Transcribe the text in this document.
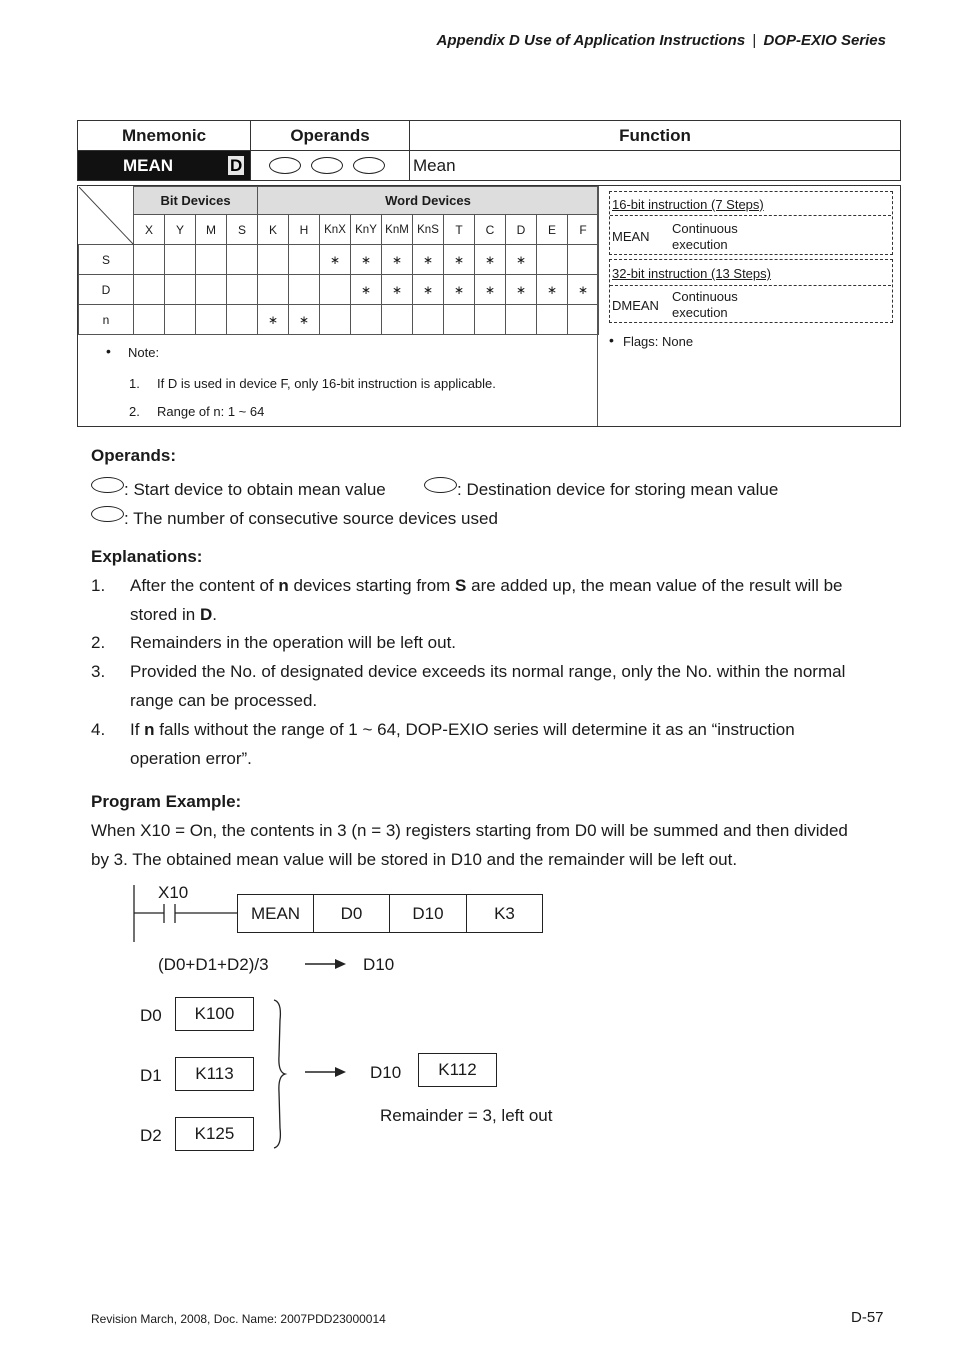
Appendix D Use of Application Instructions | DOP-EXIO Series
Mnemonic	Operands	Function

MEAN D		Mean
	Bit Devices				Word Devices										
	X	Y	M	S	K	H	KnX	KnY	KnM	KnS	T	C	D	E	F
S							∗	∗	∗	∗	∗	∗	∗		
D								∗	∗	∗	∗	∗	∗	∗	∗
n					∗	∗									
• Note:
1. If D is used in device F, only 16-bit instruction is applicable.
2. Range of n: 1 ~ 64
16-bit instruction (7 Steps)
MEAN
Continuous
execution
32-bit instruction (13 Steps)
DMEAN
Continuous
execution
• Flags: None
Operands:
: Start device to obtain mean value	: Destination device for storing mean value
: The number of consecutive source devices used
Explanations:
1. After the content of n devices starting from S are added up, the mean value of the result will be
stored in D.
2. Remainders in the operation will be left out.
3. Provided the No. of designated device exceeds its normal range, only the No. within the normal
range can be processed.
4. If n falls without the range of 1 ~ 64, DOP-EXIO series will determine it as an “instruction
operation error”.
Program Example:
When X10 = On, the contents in 3 (n = 3) registers starting from D0 will be summed and then divided
by 3. The obtained mean value will be stored in D10 and the remainder will be left out.
X10
MEAN	D0	D10	K3
(D0+D1+D2)/3	D10
D0	K100
D1	K113
D2	K125
D10	K112
Remainder = 3, left out
Revision March, 2008, Doc. Name: 2007PDD23000014	D-57
